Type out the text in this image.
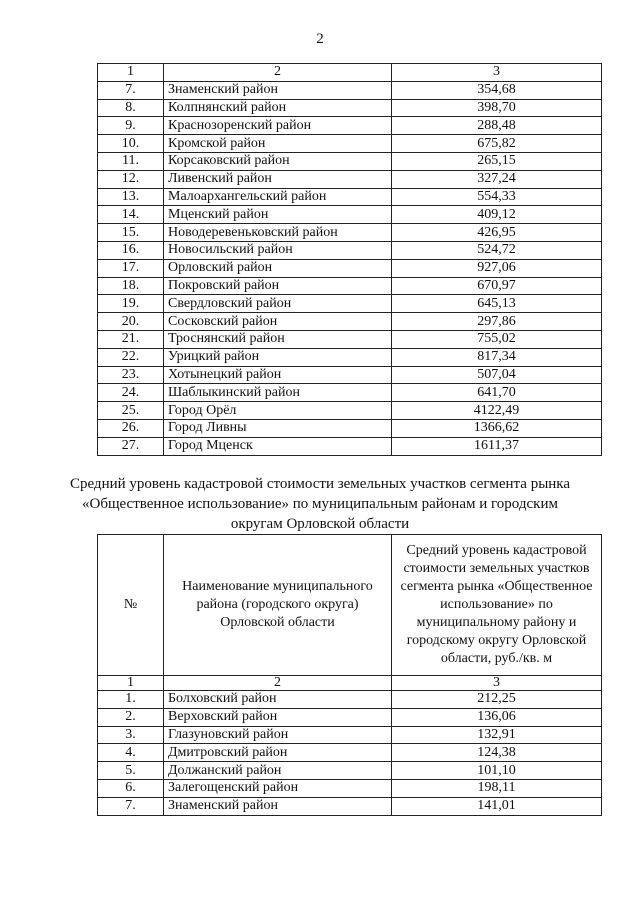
2
1	2	3
7.	Знаменский район	354,68
8.	Колпнянский район	398,70
9.	Краснозоренский район	288,48
10.	Кромской район	675,82
11.	Корсаковский район	265,15
12.	Ливенский район	327,24
13.	Малоархангельский район	554,33
14.	Мценский район	409,12
15.	Новодеревеньковский район	426,95
16.	Новосильский район	524,72
17.	Орловский район	927,06
18.	Покровский район	670,97
19.	Свердловский район	645,13
20.	Сосковский район	297,86
21.	Троснянский район	755,02
22.	Урицкий район	817,34
23.	Хотынецкий район	507,04
24.	Шаблыкинский район	641,70
25.	Город Орёл	4122,49
26.	Город Ливны	1366,62
27.	Город Мценск	1611,37
Средний уровень кадастровой стоимости земельных участков сегмента рынка «Общественное использование» по муниципальным районам и городским округам Орловской области
№	Наименование муниципального района (городского округа) Орловской области	Средний уровень кадастровой стоимости земельных участков сегмента рынка «Общественное использование» по муниципальному району и городскому округу Орловской области, руб./кв. м
1	2	3
1.	Болховский район	212,25
2.	Верховский район	136,06
3.	Глазуновский район	132,91
4.	Дмитровский район	124,38
5.	Должанский район	101,10
6.	Залегощенский район	198,11
7.	Знаменский район	141,01
